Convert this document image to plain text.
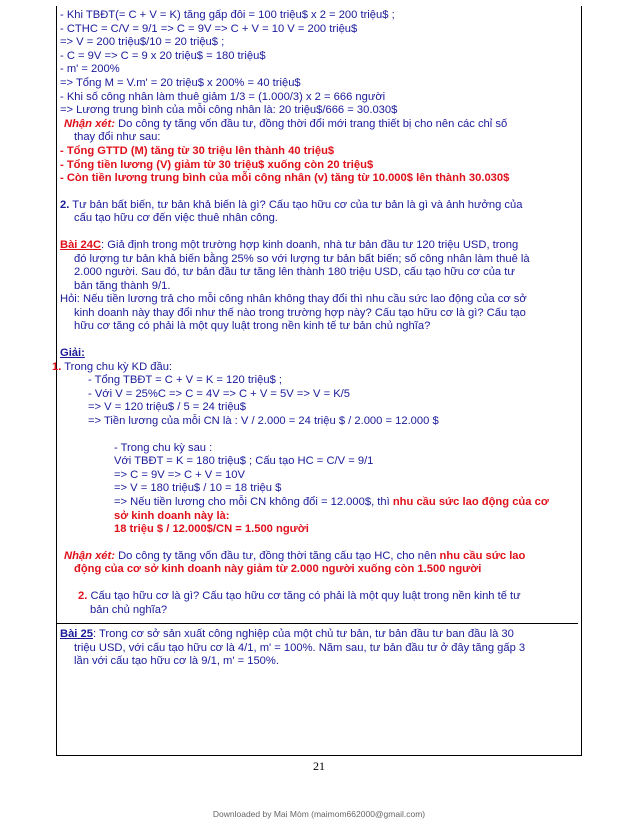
- Khi TBĐT(= C + V = K) tăng gấp đôi = 100 triệu$ x 2 = 200 triệu$ ;
- CTHC = C/V = 9/1 => C = 9V => C + V = 10 V = 200 triệu$
=> V = 200 triệu$/10 = 20 triệu$ ;
- C = 9V => C = 9 x 20 triệu$ = 180 triệu$
- m' = 200%
=> Tổng M = V.m' = 20 triệu$ x 200% = 40 triệu$
- Khi số công nhân làm thuê giảm 1/3 = (1.000/3) x 2 = 666 người
=> Lương trung bình của mỗi công nhân là: 20 triệu$/666 = 30.030$
Nhận xét: Do công ty tăng vốn đầu tư, đồng thời đổi mới trang thiết bị cho nên các chỉ số
thay đổi như sau:
- Tổng GTTD (M) tăng từ 30 triệu lên thành 40 triệu$
- Tổng tiền lương (V) giảm từ 30 triệu$ xuống còn 20 triệu$
- Còn tiền lương trung bình của mỗi công nhân (v) tăng từ 10.000$ lên thành 30.030$
2. Tư bản bất biến, tư bản khả biến là gì? Cấu tạo hữu cơ của tư bản là gì và ảnh hưởng của
cấu tạo hữu cơ đến việc thuê nhân công.
Bài 24C: Giả định trong một trường hợp kinh doanh, nhà tư bản đầu tư 120 triệu USD, trong
đó lượng tư bản khả biến bằng 25% so với lượng tư bản bất biến; số công nhân làm thuê là
2.000 người. Sau đó, tư bản đầu tư tăng lên thành 180 triệu USD, cấu tạo hữu cơ của tư
bản tăng thành 9/1.
Hỏi: Nếu tiền lương trả cho mỗi công nhân không thay đổi thì nhu cầu sức lao động của cơ sở
kinh doanh này thay đổi như thế nào trong trường hợp này? Cấu tạo hữu cơ là gì? Cấu tạo
hữu cơ tăng có phải là một quy luật trong nền kinh tế tư bản chủ nghĩa?
Giải:
1. Trong chu kỳ KD đầu:
- Tổng TBĐT = C + V = K = 120 triệu$ ;
- Với V = 25%C => C = 4V => C + V = 5V => V = K/5
=> V = 120 triệu$ / 5 = 24 triệu$
=> Tiền lương của mỗi CN là : V / 2.000 = 24 triệu $ / 2.000 = 12.000 $
- Trong chu kỳ sau :
Với TBĐT = K = 180 triệu$ ; Cấu tạo HC = C/V = 9/1
=> C = 9V => C + V = 10V
=> V = 180 triệu$ / 10 = 18 triệu $
=> Nếu tiền lương cho mỗi CN không đổi = 12.000$, thì nhu cầu sức lao động của cơ
sở kinh doanh này là:
18 triệu $ / 12.000$/CN = 1.500 người
Nhận xét: Do công ty tăng vốn đầu tư, đồng thời tăng cấu tạo HC, cho nên nhu cầu sức lao
động của cơ sở kinh doanh này giảm từ 2.000 người xuống còn 1.500 người
2. Cấu tạo hữu cơ là gì? Cấu tạo hữu cơ tăng có phải là một quy luật trong nền kinh tế tư
bản chủ nghĩa?
Bài 25: Trong cơ sở sản xuất công nghiệp của một chủ tư bản, tư bản đầu tư ban đầu là 30
triệu USD, với cấu tạo hữu cơ là 4/1, m' = 100%. Năm sau, tư bản đầu tư ở đây tăng gấp 3
lần với cấu tạo hữu cơ là 9/1, m' = 150%.
21
Downloaded by Mai Mòm (maimom662000@gmail.com)
